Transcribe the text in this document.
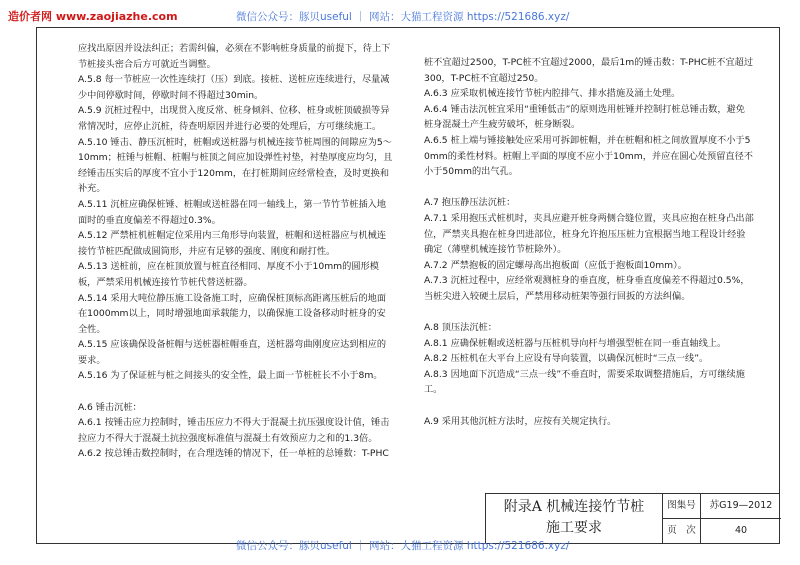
造价者网 www.zaojiazhe.com	微信公众号：豚贝useful ｜ 网站：大猫工程资源 https://521686.xyz/

应找出原因并设法纠正；若需纠偏，必须在不影响桩身质量的前提下，待上下节桩接头密合后方可就近当调整。

A.5.8 每一节桩应一次性连续打（压）到底。接桩、送桩应连续进行，尽量减少中间停歇时间，停歇时间不得超过30min。

A.5.9 沉桩过程中，出现贯入度反常、桩身倾斜、位移、桩身或桩顶破损等异常情况时，应停止沉桩，待查明原因并进行必要的处理后，方可继续施工。

A.5.10 锤击、静压沉桩时，桩帽或送桩器与机械连接节桩周围的间隙应为5～10mm；桩锤与桩帽、桩帽与桩顶之间应加设弹性衬垫，衬垫厚度应均匀，且经锤击压实后的厚度不宜小于120mm，在打桩期间应经常检查，及时更换和补充。

A.5.11 沉桩应确保桩锤、桩帽或送桩器在同一轴线上，第一节竹节桩插入地面时的垂直度偏差不得超过0.3%。

A.5.12 严禁桩机桩帽定位采用内三角形导向装置，桩帽和送桩器应与机械连接竹节桩匹配做成圆筒形，并应有足够的强度、刚度和耐打性。

A.5.13 送桩前，应在桩顶放置与桩直径相同、厚度不小于10mm的圆形模板，严禁采用机械连接竹节桩代替送桩器。

A.5.14 采用大吨位静压施工设备施工时，应确保桩顶标高距离压桩后的地面在1000mm以上，同时增强地面承载能力，以确保施工设备移动时桩身的安全性。

A.5.15 应该确保设备桩帽与送桩器桩帽垂直，送桩器弯曲刚度应达到相应的要求。

A.5.16 为了保证桩与桩之间接头的安全性，最上面一节桩桩长不小于8m。

A.6 锤击沉桩：

A.6.1 按锤击应力控制时，锤击压应力不得大于混凝土抗压强度设计值，锤击拉应力不得大于混凝土抗拉强度标准值与混凝土有效预应力之和的1.3倍。

A.6.2 按总锤击数控制时，在合理选锤的情况下，任一单桩的总锤数：T-PHC

桩不宜超过2500，T-PC桩不宜超过2000，最后1m的锤击数：T-PHC桩不宜超过300，T-PC桩不宜超过250。

A.6.3 应采取机械连接竹节桩内腔排气、排水措施及涌土处理。

A.6.4 锤击法沉桩宜采用“重锤低击”的原则选用桩锤并控制打桩总锤击数，避免桩身混凝土产生疲劳破坏，桩身断裂。

A.6.5 桩上端与锤接触处应采用可拆卸桩帽，并在桩帽和桩之间放置厚度不小于50mm的柔性材料。桩帽上平面的厚度不应小于10mm，并应在圆心处预留直径不小于50mm的出气孔。

A.7 抱压静压法沉桩：

A.7.1 采用抱压式桩机时，夹具应避开桩身两侧合缝位置，夹具应抱在桩身凸出部位，严禁夹具抱在桩身凹进部位，桩身允许抱压压桩力宜根据当地工程设计经验确定（薄壁机械连接竹节桩除外）。

A.7.2 严禁抱板的固定螺母高出抱板面（应低于抱板面10mm）。

A.7.3 沉桩过程中，应经常观测桩身的垂直度，桩身垂直度偏差不得超过0.5%，当桩尖进入较硬土层后，严禁用移动桩架等强行回扳的方法纠偏。

A.8 顶压法沉桩：

A.8.1 应确保桩帽或送桩器与压桩机导向杆与增强型桩在同一垂直轴线上。

A.8.2 压桩机在大平台上应设有导向装置，以确保沉桩时“三点一线”。

A.8.3 因地面下沉造成“三点一线”不垂直时，需要采取调整措施后，方可继续施工。

A.9 采用其他沉桩方法时，应按有关规定执行。

附录A 机械连接竹节桩
施工要求
图集号	苏G19—2012
页　次	40
微信公众号：豚贝useful ｜ 网站：大猫工程资源 https://521686.xyz/
